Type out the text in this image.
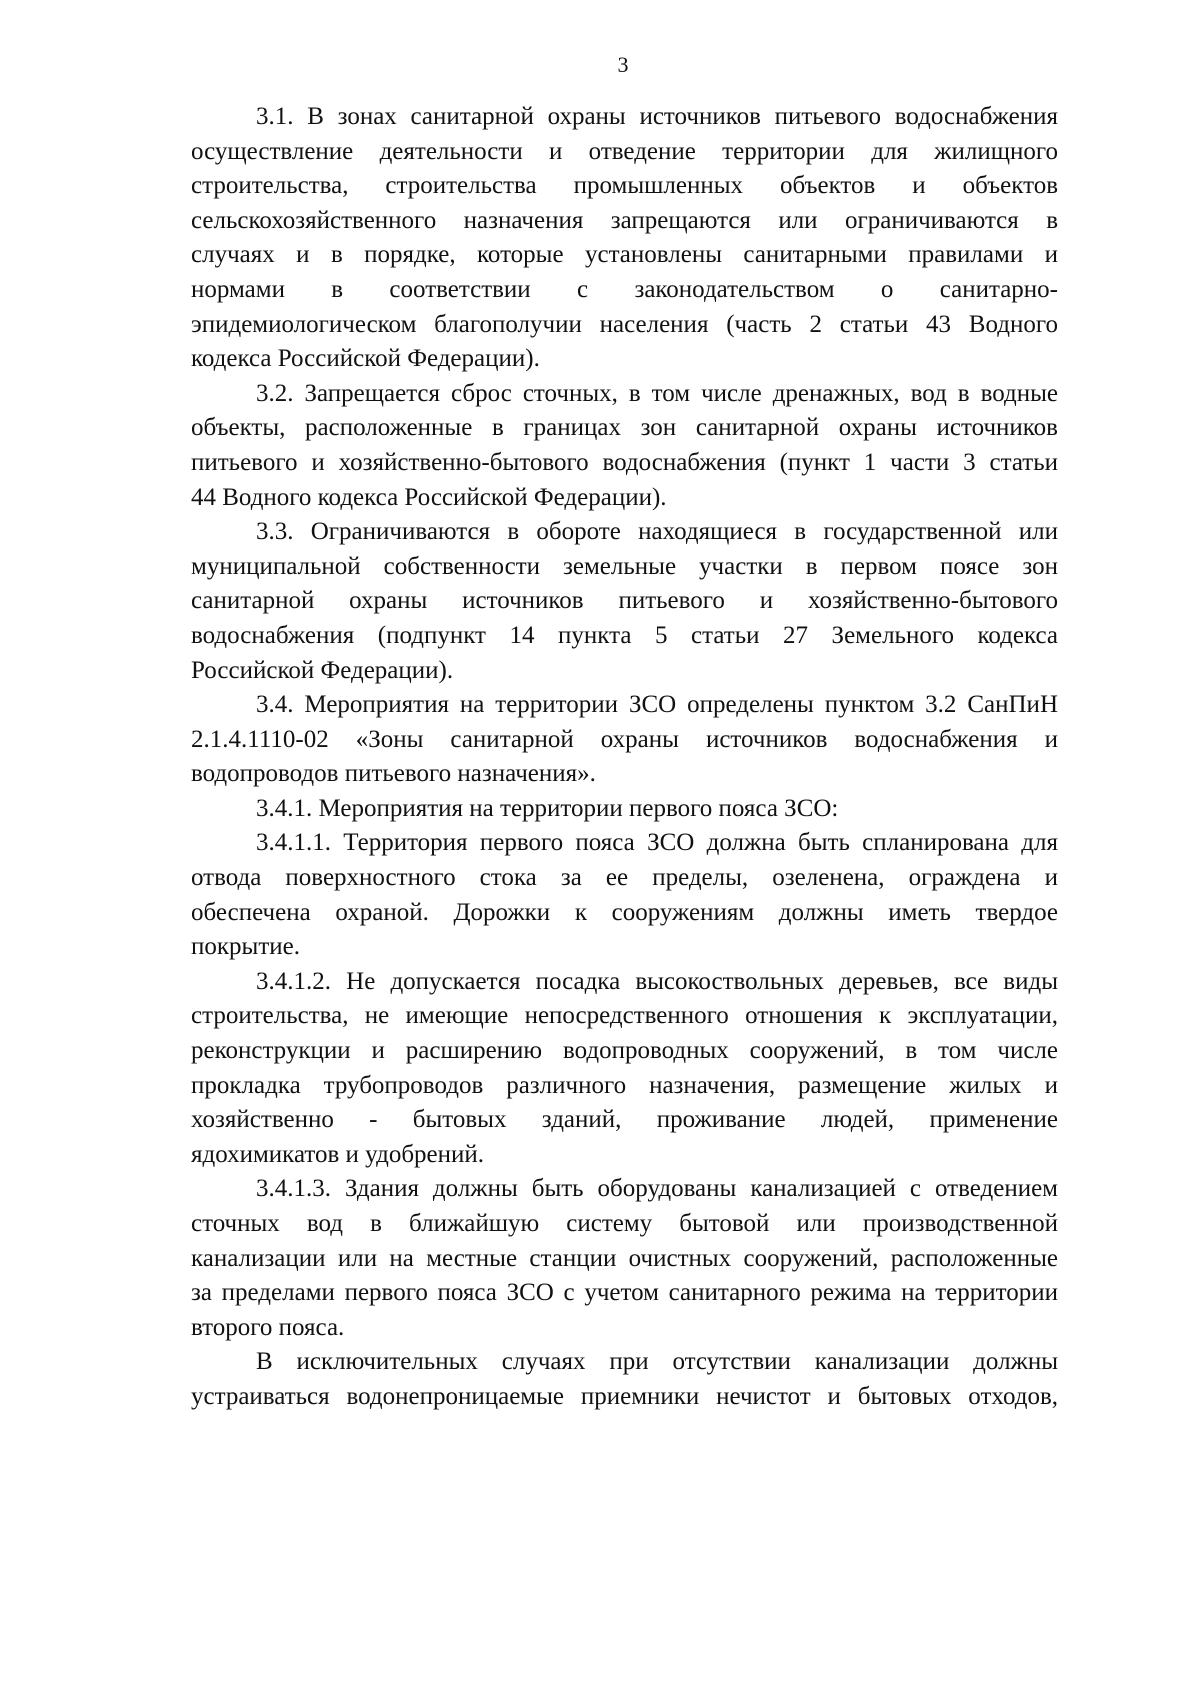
3
3.1. В зонах санитарной охраны источников питьевого водоснабжения
осуществление деятельности и отведение территории для жилищного
строительства, строительства промышленных объектов и объектов
сельскохозяйственного назначения запрещаются или ограничиваются в
случаях и в порядке, которые установлены санитарными правилами и
нормами в соответствии с законодательством о санитарно-
эпидемиологическом благополучии населения (часть 2 статьи 43 Водного
кодекса Российской Федерации).
3.2. Запрещается сброс сточных, в том числе дренажных, вод в водные
объекты, расположенные в границах зон санитарной охраны источников
питьевого и хозяйственно-бытового водоснабжения (пункт 1 части 3 статьи
44 Водного кодекса Российской Федерации).
3.3. Ограничиваются в обороте находящиеся в государственной или
муниципальной собственности земельные участки в первом поясе зон
санитарной охраны источников питьевого и хозяйственно-бытового
водоснабжения (подпункт 14 пункта 5 статьи 27 Земельного кодекса
Российской Федерации).
3.4. Мероприятия на территории ЗСО определены пунктом 3.2 СанПиН
2.1.4.1110-02 «Зоны санитарной охраны источников водоснабжения и
водопроводов питьевого назначения».
3.4.1. Мероприятия на территории первого пояса ЗСО:
3.4.1.1. Территория первого пояса ЗСО должна быть спланирована для
отвода поверхностного стока за ее пределы, озеленена, ограждена и
обеспечена охраной. Дорожки к сооружениям должны иметь твердое
покрытие.
3.4.1.2. Не допускается посадка высокоствольных деревьев, все виды
строительства, не имеющие непосредственного отношения к эксплуатации,
реконструкции и расширению водопроводных сооружений, в том числе
прокладка трубопроводов различного назначения, размещение жилых и
хозяйственно - бытовых зданий, проживание людей, применение
ядохимикатов и удобрений.
3.4.1.3. Здания должны быть оборудованы канализацией с отведением
сточных вод в ближайшую систему бытовой или производственной
канализации или на местные станции очистных сооружений, расположенные
за пределами первого пояса ЗСО с учетом санитарного режима на территории
второго пояса.
В исключительных случаях при отсутствии канализации должны
устраиваться водонепроницаемые приемники нечистот и бытовых отходов,
